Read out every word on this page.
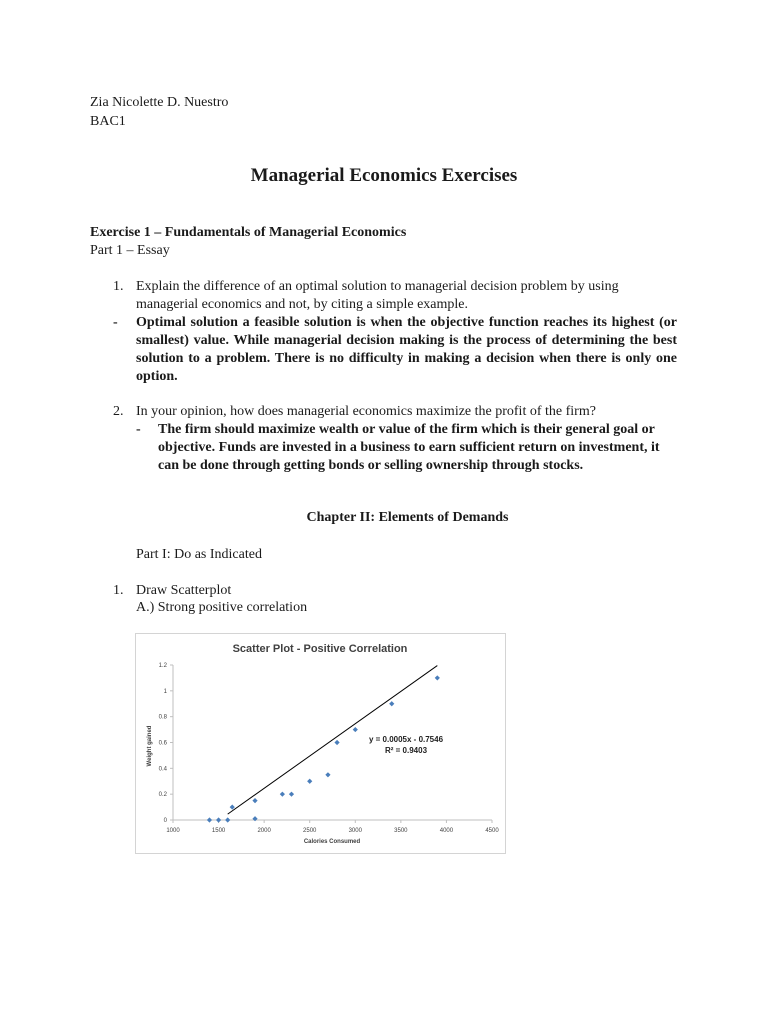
Zia Nicolette D. Nuestro
BAC1
Managerial Economics Exercises
Exercise 1 – Fundamentals of Managerial Economics
Part 1 – Essay
1. Explain the difference of an optimal solution to managerial decision problem by using managerial economics and not, by citing a simple example.
- Optimal solution a feasible solution is when the objective function reaches its highest (or smallest) value. While managerial decision making is the process of determining the best solution to a problem. There is no difficulty in making a decision when there is only one option.
2. In your opinion, how does managerial economics maximize the profit of the firm?
- The firm should maximize wealth or value of the firm which is their general goal or objective. Funds are invested in a business to earn sufficient return on investment, it can be done through getting bonds or selling ownership through stocks.
Chapter II: Elements of Demands
Part I: Do as Indicated
1. Draw Scatterplot
A.) Strong positive correlation
Scatter Plot - Positive Correlation
0
0.2
0.4
0.6
0.8
1
1.2
1000	1500	2000	2500	3000	3500	4000	4500
Calories Consumed
Weight gained	y = 0.0005x - 0.7546
R² = 0.9403
